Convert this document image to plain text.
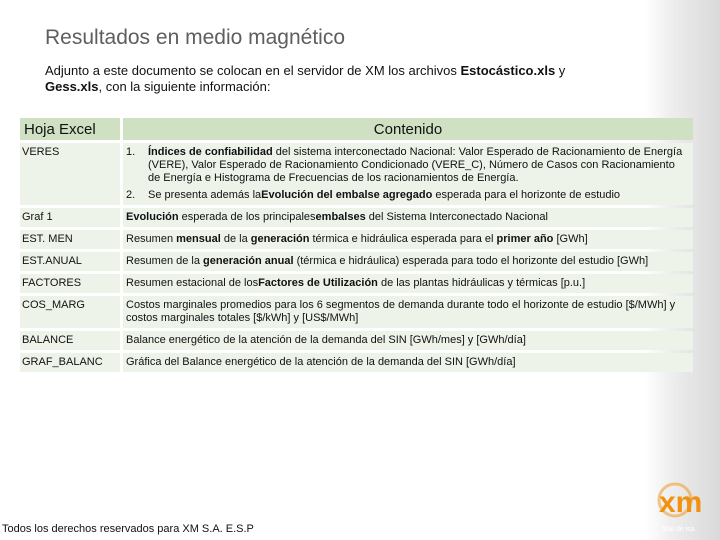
Resultados en medio magnético
Adjunto a este documento se colocan en el servidor de XM los archivos Estocástico.xls y Gess.xls, con la siguiente información:
Hoja Excel		Contenido
VERES		1. Índices de confiabilidad del sistema interconectado Nacional: Valor Esperado de Racionamiento de Energía (VERE), Valor Esperado de Racionamiento Condicionado (VERE_C), Número de Casos con Racionamiento de Energía e Histograma de Frecuencias de los racionamientos de Energía.
2. Se presenta además laEvolución del embalse agregado esperada para el horizonte de estudio

Graf 1		Evolución esperada de los principalesembalses del Sistema Interconectado Nacional
EST. MEN		Resumen mensual de la generación térmica e hidráulica esperada para el primer año [GWh]
EST.ANUAL		Resumen de la generación anual (térmica e hidráulica) esperada para todo el horizonte del estudio [GWh]
FACTORES		Resumen estacional de losFactores de Utilización de las plantas hidráulicas y térmicas [p.u.]
COS_MARG		Costos marginales promedios para los 6 segmentos de demanda durante todo el horizonte de estudio [$/MWh] y costos marginales totales [$/kWh] y [US$/MWh]
BALANCE		Balance energético de la atención de la demanda del SIN [GWh/mes] y [GWh/día]
GRAF_BALANC		Gráfica del Balance energético de la atención de la demanda del SIN [GWh/día]
Todos los derechos reservados para XM S.A. E.S.P
xm
filial de isa
